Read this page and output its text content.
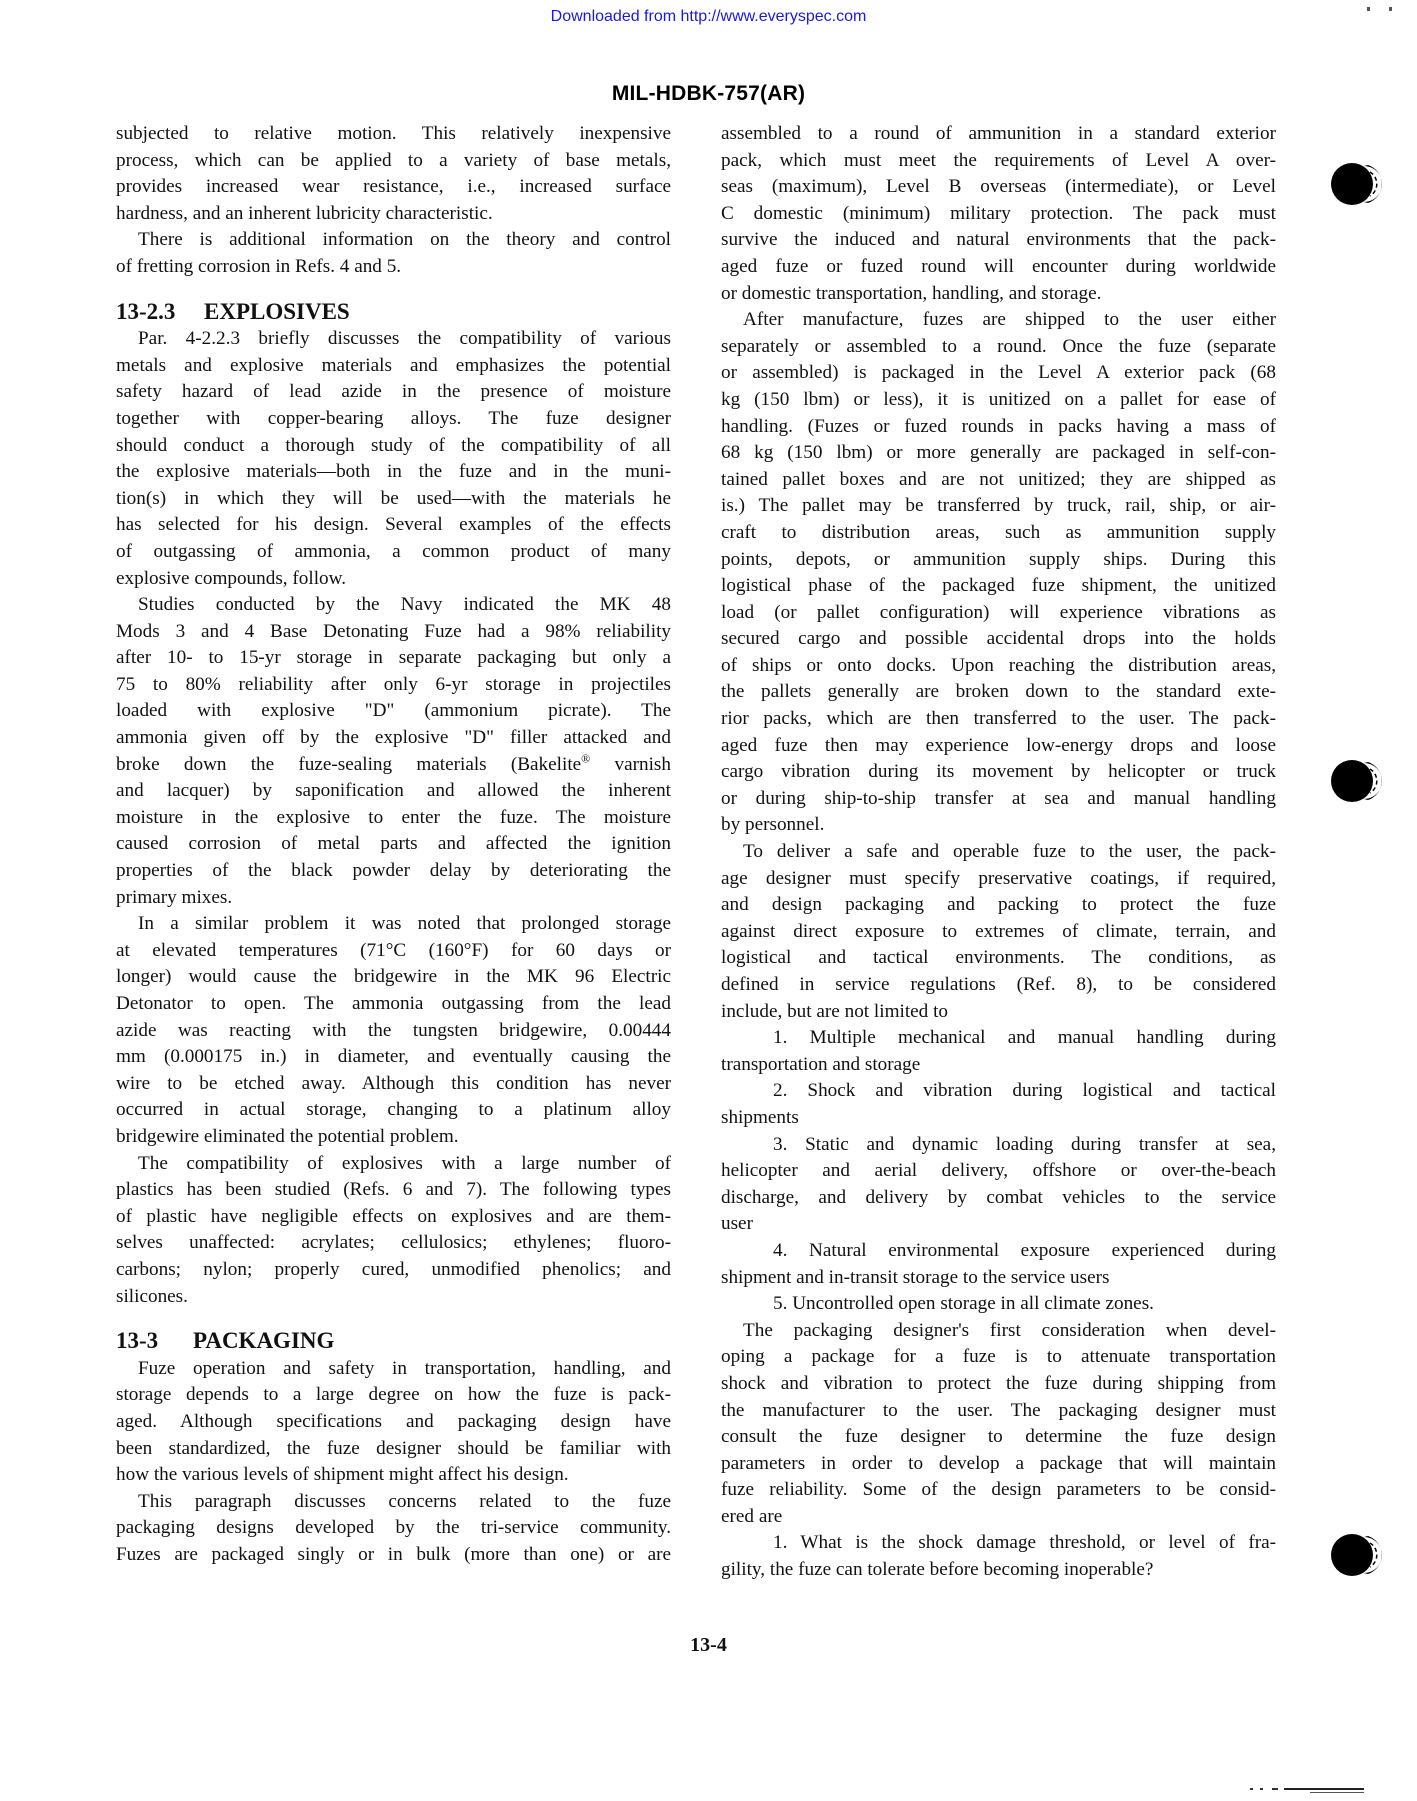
Downloaded from http://www.everyspec.com
MIL-HDBK-757(AR)
subjected to relative motion. This relatively inexpensive
process, which can be applied to a variety of base metals,
provides increased wear resistance, i.e., increased surface
hardness, and an inherent lubricity characteristic.
There is additional information on the theory and control
of fretting corrosion in Refs. 4 and 5.
13-2.3 EXPLOSIVES
Par. 4-2.2.3 briefly discusses the compatibility of various
metals and explosive materials and emphasizes the potential
safety hazard of lead azide in the presence of moisture
together with copper-bearing alloys. The fuze designer
should conduct a thorough study of the compatibility of all
the explosive materials—both in the fuze and in the muni-
tion(s) in which they will be used—with the materials he
has selected for his design. Several examples of the effects
of outgassing of ammonia, a common product of many
explosive compounds, follow.
Studies conducted by the Navy indicated the MK 48
Mods 3 and 4 Base Detonating Fuze had a 98% reliability
after 10- to 15-yr storage in separate packaging but only a
75 to 80% reliability after only 6-yr storage in projectiles
loaded with explosive "D" (ammonium picrate). The
ammonia given off by the explosive "D" filler attacked and
broke down the fuze-sealing materials (Bakelite® varnish
and lacquer) by saponification and allowed the inherent
moisture in the explosive to enter the fuze. The moisture
caused corrosion of metal parts and affected the ignition
properties of the black powder delay by deteriorating the
primary mixes.
In a similar problem it was noted that prolonged storage
at elevated temperatures (71°C (160°F) for 60 days or
longer) would cause the bridgewire in the MK 96 Electric
Detonator to open. The ammonia outgassing from the lead
azide was reacting with the tungsten bridgewire, 0.00444
mm (0.000175 in.) in diameter, and eventually causing the
wire to be etched away. Although this condition has never
occurred in actual storage, changing to a platinum alloy
bridgewire eliminated the potential problem.
The compatibility of explosives with a large number of
plastics has been studied (Refs. 6 and 7). The following types
of plastic have negligible effects on explosives and are them-
selves unaffected: acrylates; cellulosics; ethylenes; fluoro-
carbons; nylon; properly cured, unmodified phenolics; and
silicones.
13-3 PACKAGING
Fuze operation and safety in transportation, handling, and
storage depends to a large degree on how the fuze is pack-
aged. Although specifications and packaging design have
been standardized, the fuze designer should be familiar with
how the various levels of shipment might affect his design.
This paragraph discusses concerns related to the fuze
packaging designs developed by the tri-service community.
Fuzes are packaged singly or in bulk (more than one) or are
assembled to a round of ammunition in a standard exterior
pack, which must meet the requirements of Level A over-
seas (maximum), Level B overseas (intermediate), or Level
C domestic (minimum) military protection. The pack must
survive the induced and natural environments that the pack-
aged fuze or fuzed round will encounter during worldwide
or domestic transportation, handling, and storage.
After manufacture, fuzes are shipped to the user either
separately or assembled to a round. Once the fuze (separate
or assembled) is packaged in the Level A exterior pack (68
kg (150 lbm) or less), it is unitized on a pallet for ease of
handling. (Fuzes or fuzed rounds in packs having a mass of
68 kg (150 lbm) or more generally are packaged in self-con-
tained pallet boxes and are not unitized; they are shipped as
is.) The pallet may be transferred by truck, rail, ship, or air-
craft to distribution areas, such as ammunition supply
points, depots, or ammunition supply ships. During this
logistical phase of the packaged fuze shipment, the unitized
load (or pallet configuration) will experience vibrations as
secured cargo and possible accidental drops into the holds
of ships or onto docks. Upon reaching the distribution areas,
the pallets generally are broken down to the standard exte-
rior packs, which are then transferred to the user. The pack-
aged fuze then may experience low-energy drops and loose
cargo vibration during its movement by helicopter or truck
or during ship-to-ship transfer at sea and manual handling
by personnel.
To deliver a safe and operable fuze to the user, the pack-
age designer must specify preservative coatings, if required,
and design packaging and packing to protect the fuze
against direct exposure to extremes of climate, terrain, and
logistical and tactical environments. The conditions, as
defined in service regulations (Ref. 8), to be considered
include, but are not limited to
1. Multiple mechanical and manual handling during
transportation and storage
2. Shock and vibration during logistical and tactical
shipments
3. Static and dynamic loading during transfer at sea,
helicopter and aerial delivery, offshore or over-the-beach
discharge, and delivery by combat vehicles to the service
user
4. Natural environmental exposure experienced during
shipment and in-transit storage to the service users
5. Uncontrolled open storage in all climate zones.
The packaging designer's first consideration when devel-
oping a package for a fuze is to attenuate transportation
shock and vibration to protect the fuze during shipping from
the manufacturer to the user. The packaging designer must
consult the fuze designer to determine the fuze design
parameters in order to develop a package that will maintain
fuze reliability. Some of the design parameters to be consid-
ered are
1. What is the shock damage threshold, or level of fra-
gility, the fuze can tolerate before becoming inoperable?
13-4
